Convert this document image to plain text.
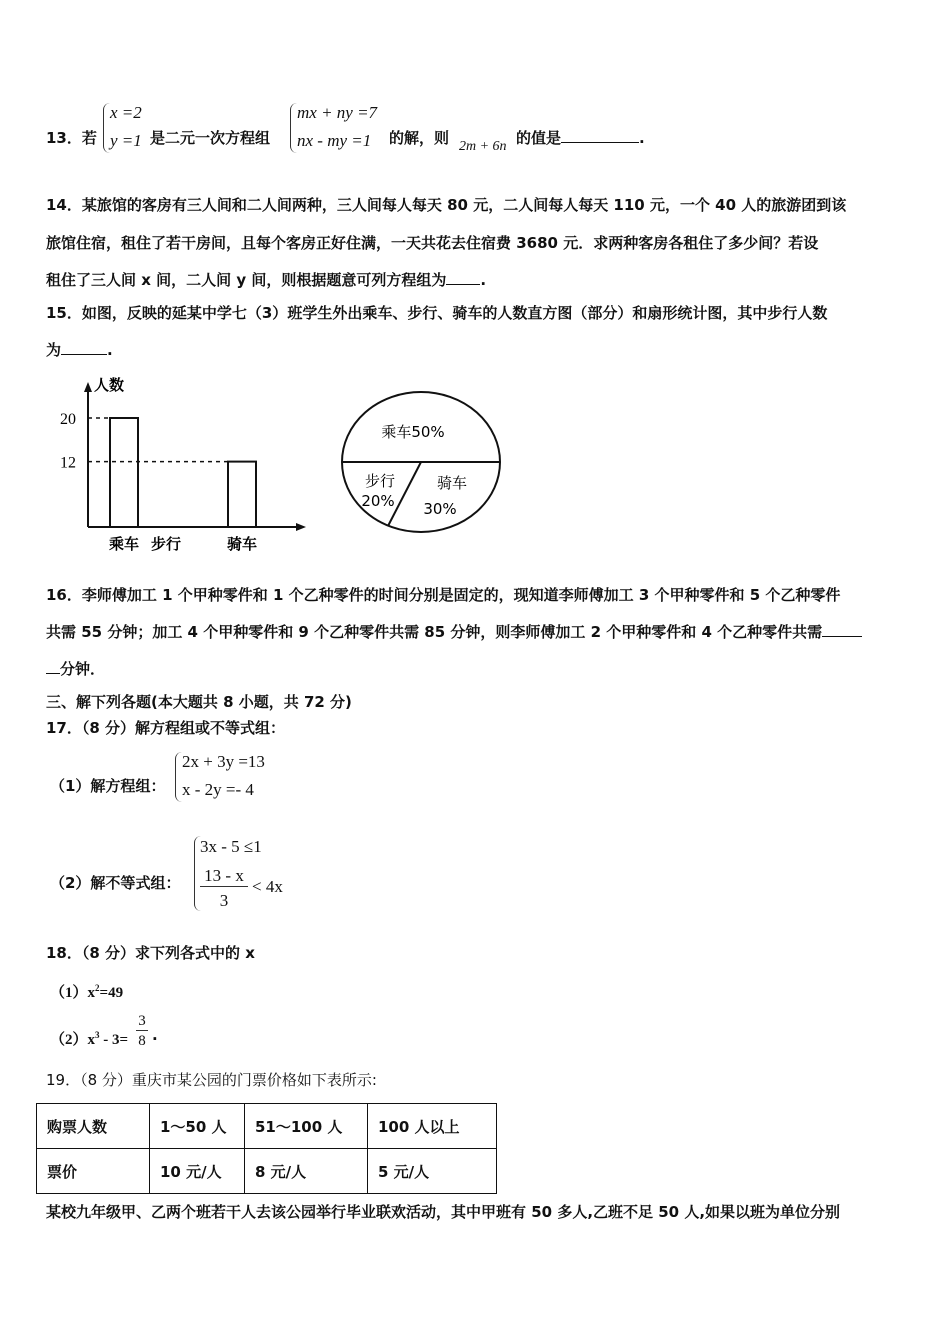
13．若
x =2
y =1 是二元一次方程组
mx + ny =7
nx - my =1 的解，则 2m + 6n 的值是	.
14．某旅馆的客房有三人间和二人间两种，三人间每人每天 80 元，二人间每人每天 110 元，一个 40 人的旅游团到该
旅馆住宿，租住了若干房间，且每个客房正好住满，一天共花去住宿费 3680 元．求两种客房各租住了多少间？若设
租住了三人间 x 间，二人间 y 间，则根据题意可列方程组为 .
15．如图，反映的延某中学七（3）班学生外出乘车、步行、骑车的人数直方图（部分）和扇形统计图，其中步行人数
为	.
人数
乘车 步行	骑车
20
12
乘车50%
步行
20%
骑车
30%
16．李师傅加工 1 个甲种零件和 1 个乙种零件的时间分别是固定的，现知道李师傅加工 3 个甲种零件和 5 个乙种零件
共需 55 分钟；加工 4 个甲种零件和 9 个乙种零件共需 85 分钟，则李师傅加工 2 个甲种零件和 4 个乙种零件共需
分钟．
三、解下列各题(本大题共 8 小题，共 72 分)
17．（8 分）解方程组或不等式组：
（1）解方程组：
2x + 3y =13
x - 2y =- 4
（2）解不等式组：
3x - 5 ≤1
13 - x
3
< 4x
18．（8 分）求下列各式中的 x
$(1)x^2=49$
$(2)x^3 - 3=$
3
8 .
19．（8 分）重庆市某公园的门票价格如下表所示:
购票人数	1～50 人	51～100 人	100 人以上
票价	10 元/人	8 元/人	5 元/人
某校九年级甲、乙两个班若干人去该公园举行毕业联欢活动，其中甲班有 50 多人,乙班不足 50 人,如果以班为单位分别
